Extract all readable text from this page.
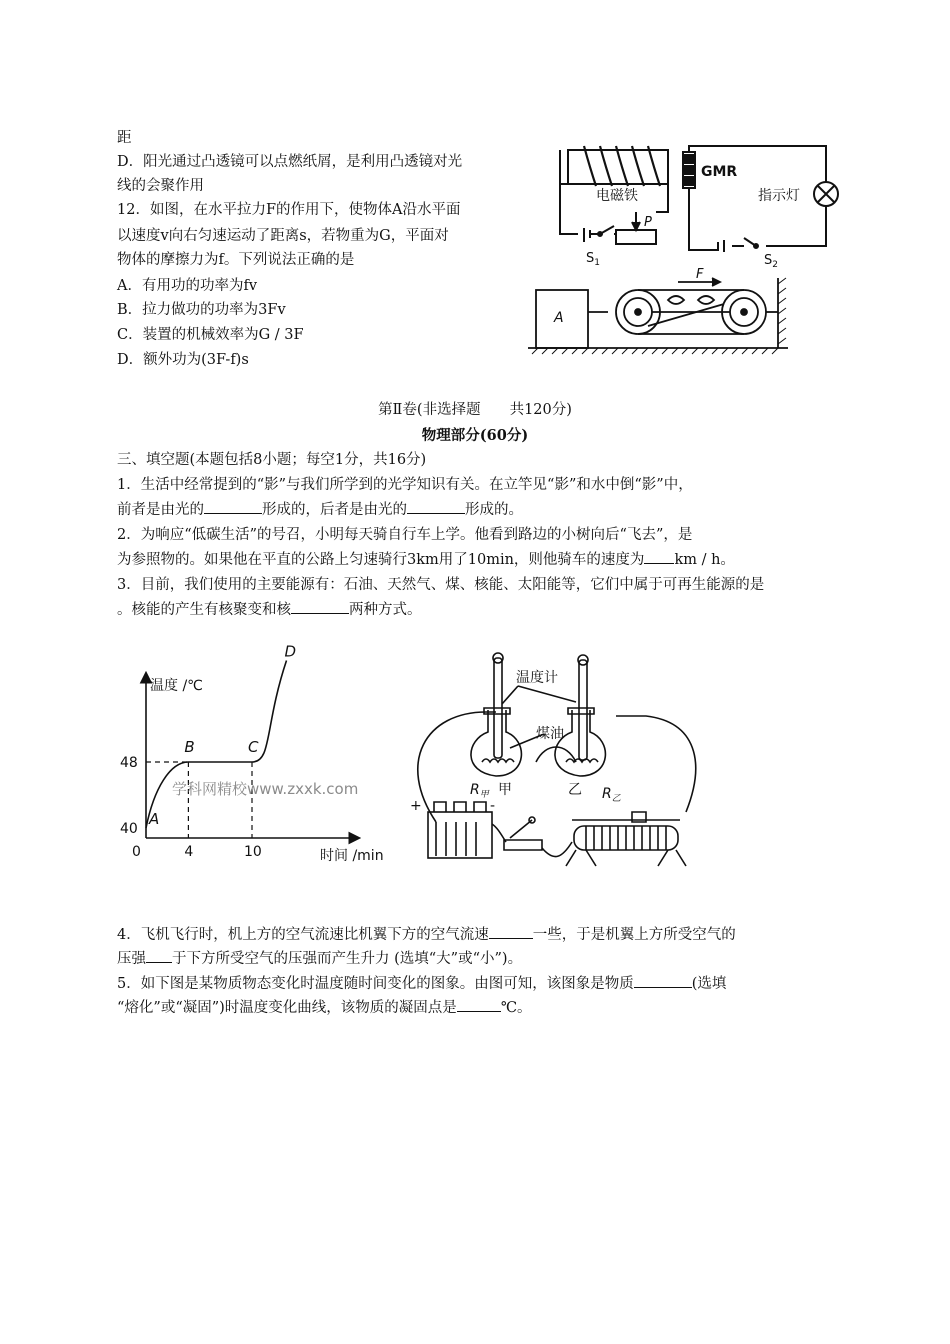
距
D．阳光通过凸透镜可以点燃纸屑，是利用凸透镜对光
线的会聚作用
12．如图，在水平拉力F的作用下，使物体A沿水平面
以速度v向右匀速运动了距离s，若物重为G，平面对
物体的摩擦力为f。下列说法正确的是
A．有用功的功率为fv
B．拉力做功的功率为3Fv
C．装置的机械效率为G / 3F
D．额外功为(3F-f)s
电磁铁
GMR
指示灯
P
$S_1$	$S_2$
A
F
第Ⅱ卷(非选择题　　共120分)
物理部分(60分)
三、填空题(本题包括8小题；每空1分，共16分)
1．生活中经常提到的“影”与我们所学到的光学知识有关。在立竿见“影”和水中倒“影”中，
前者是由光的	形成的，后者是由光的	形成的。
2．为响应“低碳生活”的号召，小明每天骑自行车上学。他看到路边的小树向后“飞去”，是
为参照物的。如果他在平直的公路上匀速骑行3km用了10min，则他骑车的速度为 km / h。
3．目前，我们使用的主要能源有：石油、天然气、煤、核能、太阳能等，它们中属于可再生能源的是
。核能的产生有核聚变和核	两种方式。
0	4	10
40
48
A
B	C
D
温度 /℃
时间 /min
学科网精校www.zxxk.com
温度计
煤油
$R_甲$ 甲	乙 $R_乙$
+	-
4．飞机飞行时，机上方的空气流速比机翼下方的空气流速	一些，于是机翼上方所受空气的
压强 于下方所受空气的压强而产生升力 (选填“大”或“小”)。
5．如下图是某物质物态变化时温度随时间变化的图象。由图可知，该图象是物质	(选填
“熔化”或“凝固”)时温度变化曲线，该物质的凝固点是	℃。
